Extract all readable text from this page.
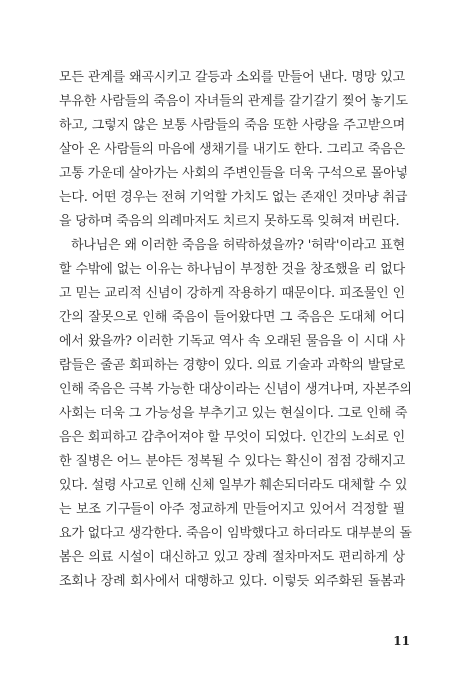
모든 관계를 왜곡시키고 갈등과 소외를 만들어 낸다. 명망 있고
부유한 사람들의 죽음이 자녀들의 관계를 갈기갈기 찢어 놓기도
하고, 그렇지 않은 보통 사람들의 죽음 또한 사랑을 주고받으며
살아 온 사람들의 마음에 생채기를 내기도 한다. 그리고 죽음은
고통 가운데 살아가는 사회의 주변인들을 더욱 구석으로 몰아넣
는다. 어떤 경우는 전혀 기억할 가치도 없는 존재인 것마냥 취급
을 당하며 죽음의 의례마저도 치르지 못하도록 잊혀져 버린다.
하나님은 왜 이러한 죽음을 허락하셨을까? '허락'이라고 표현
할 수밖에 없는 이유는 하나님이 부정한 것을 창조했을 리 없다
고 믿는 교리적 신념이 강하게 작용하기 때문이다. 피조물인 인
간의 잘못으로 인해 죽음이 들어왔다면 그 죽음은 도대체 어디
에서 왔을까? 이러한 기독교 역사 속 오래된 물음을 이 시대 사
람들은 줄곧 회피하는 경향이 있다. 의료 기술과 과학의 발달로
인해 죽음은 극복 가능한 대상이라는 신념이 생겨나며, 자본주의
사회는 더욱 그 가능성을 부추기고 있는 현실이다. 그로 인해 죽
음은 회피하고 감추어져야 할 무엇이 되었다. 인간의 노쇠로 인
한 질병은 어느 분야든 정복될 수 있다는 확신이 점점 강해지고
있다. 설령 사고로 인해 신체 일부가 훼손되더라도 대체할 수 있
는 보조 기구들이 아주 정교하게 만들어지고 있어서 걱정할 필
요가 없다고 생각한다. 죽음이 임박했다고 하더라도 대부분의 돌
봄은 의료 시설이 대신하고 있고 장례 절차마저도 편리하게 상
조회나 장례 회사에서 대행하고 있다. 이렇듯 외주화된 돌봄과
11
